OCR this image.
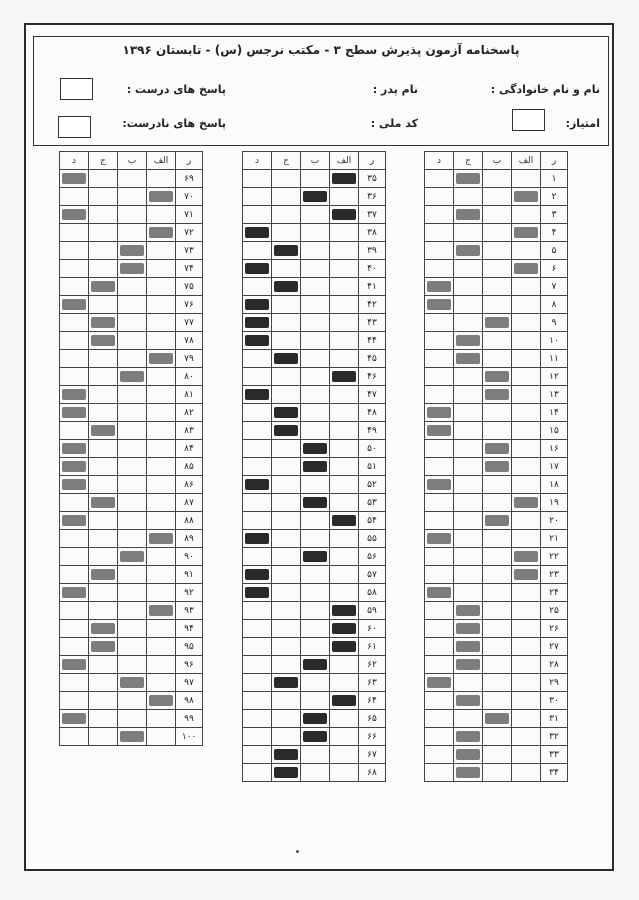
پاسخنامه آزمون پذیرش سطح ۳ - مکتب نرجس (س) - تابستان ۱۳۹۶
نام و نام خانوادگی :
نام پدر :
پاسخ های درست :
امتیاز:
کد ملی :
پاسخ های نادرست:
د	ج	ب	الف	ر
				۶۹
				۷۰
				۷۱
				۷۲
				۷۳
				۷۴
				۷۵
				۷۶
				۷۷
				۷۸
				۷۹
				۸۰
				۸۱
				۸۲
				۸۳
				۸۴
				۸۵
				۸۶
				۸۷
				۸۸
				۸۹
				۹۰
				۹۱
				۹۲
				۹۳
				۹۴
				۹۵
				۹۶
				۹۷
				۹۸
				۹۹
				۱۰۰
د	ج	ب	الف	ر
				۳۵
				۳۶
				۳۷
				۳۸
				۳۹
				۴۰
				۴۱
				۴۲
				۴۳
				۴۴
				۴۵
				۴۶
				۴۷
				۴۸
				۴۹
				۵۰
				۵۱
				۵۲
				۵۳
				۵۴
				۵۵
				۵۶
				۵۷
				۵۸
				۵۹
				۶۰
				۶۱
				۶۲
				۶۳
				۶۴
				۶۵
				۶۶
				۶۷
				۶۸
د	ج	ب	الف	ر
				۱
				۲
				۳
				۴
				۵
				۶
				۷
				۸
				۹
				۱۰
				۱۱
				۱۲
				۱۳
				۱۴
				۱۵
				۱۶
				۱۷
				۱۸
				۱۹
				۲۰
				۲۱
				۲۲
				۲۳
				۲۴
				۲۵
				۲۶
				۲۷
				۲۸
				۲۹
				۳۰
				۳۱
				۳۲
				۳۳
				۳۴
